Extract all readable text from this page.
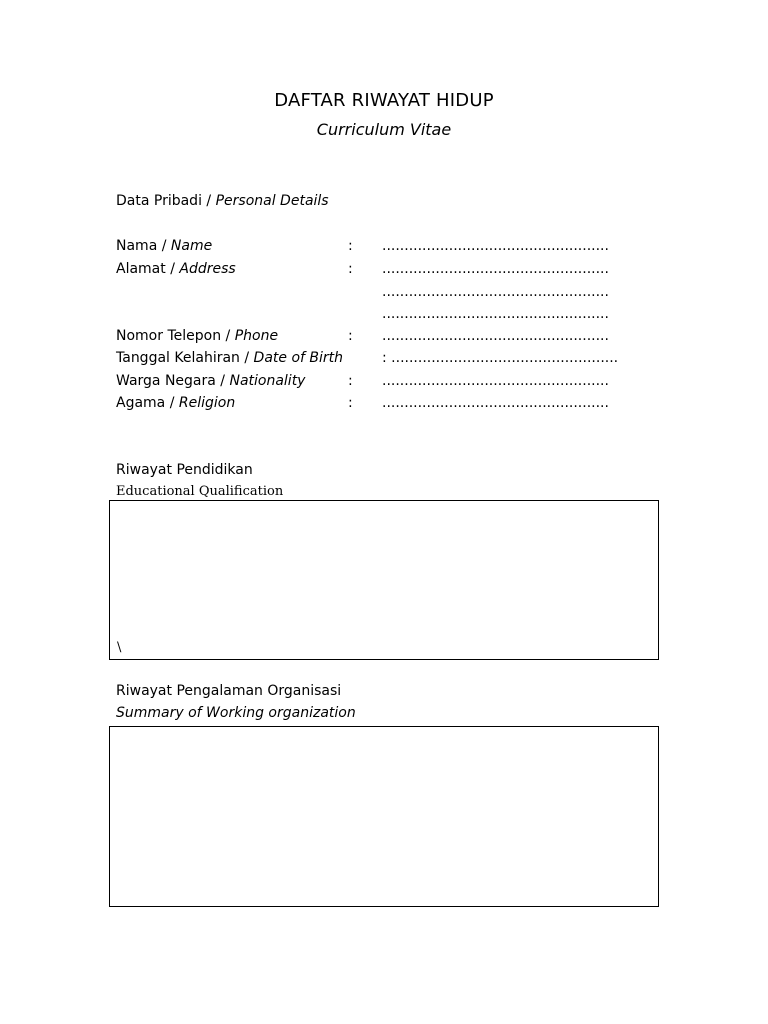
DAFTAR RIWAYAT HIDUP
Curriculum Vitae
Data Pribadi / Personal Details
Nama / Name	: ...................................................
Alamat / Address	: ...................................................
...................................................
...................................................
Nomor Telepon / Phone	: ...................................................
Tanggal Kelahiran / Date of Birth	: ...................................................
Warga Negara / Nationality	: ...................................................
Agama / Religion	: ...................................................
Riwayat Pendidikan
Educational Qualification
\
Riwayat Pengalaman Organisasi
Summary of Working organization
